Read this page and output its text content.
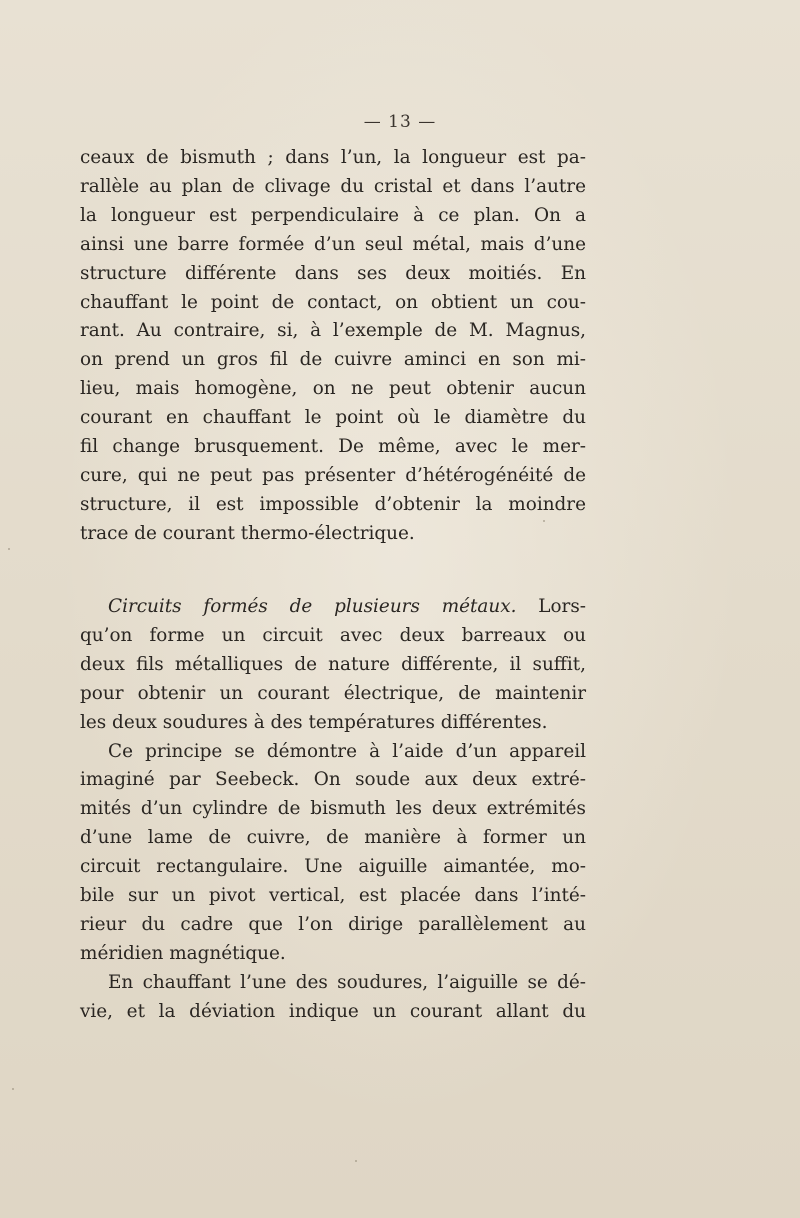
— 13 —
ceaux de bismuth ; dans l’un, la longueur est pa-
rallèle au plan de clivage du cristal et dans l’autre
la longueur est perpendiculaire à ce plan. On a
ainsi une barre formée d’un seul métal, mais d’une
structure différente dans ses deux moitiés. En
chauffant le point de contact, on obtient un cou-
rant. Au contraire, si, à l’exemple de M. Magnus,
on prend un gros fil de cuivre aminci en son mi-
lieu, mais homogène, on ne peut obtenir aucun
courant en chauffant le point où le diamètre du
fil change brusquement. De même, avec le mer-
cure, qui ne peut pas présenter d’hétérogénéité de
structure, il est impossible d’obtenir la moindre
trace de courant thermo-électrique.
Circuits formés de plusieurs métaux. Lors-
qu’on forme un circuit avec deux barreaux ou
deux fils métalliques de nature différente, il suffit,
pour obtenir un courant électrique, de maintenir
les deux soudures à des températures différentes.
Ce principe se démontre à l’aide d’un appareil
imaginé par Seebeck. On soude aux deux extré-
mités d’un cylindre de bismuth les deux extrémités
d’une lame de cuivre, de manière à former un
circuit rectangulaire. Une aiguille aimantée, mo-
bile sur un pivot vertical, est placée dans l’inté-
rieur du cadre que l’on dirige parallèlement au
méridien magnétique.
En chauffant l’une des soudures, l’aiguille se dé-
vie, et la déviation indique un courant allant du
